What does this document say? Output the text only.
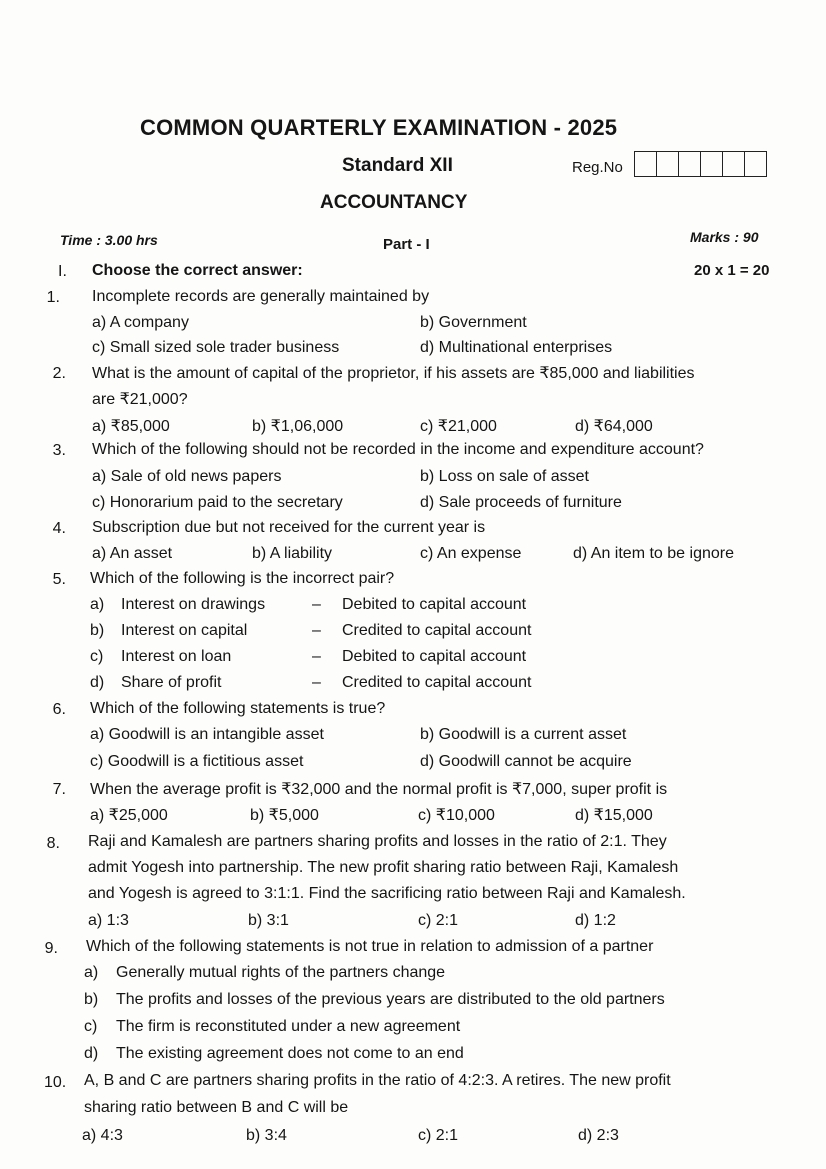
COMMON QUARTERLY EXAMINATION - 2025
Standard XII	Reg.No
ACCOUNTANCY
Time : 3.00 hrs	Part - I	Marks : 90
I. Choose the correct answer:	20 x 1 = 20
1. Incomplete records are generally maintained by
a) A company	b) Government
c) Small sized sole trader business	d) Multinational enterprises
2. What is the amount of capital of the proprietor, if his assets are ₹85,000 and liabilities
are ₹21,000?
a) ₹85,000	b) ₹1,06,000	c) ₹21,000	d) ₹64,000
3. Which of the following should not be recorded in the income and expenditure account?
a) Sale of old news papers	b) Loss on sale of asset
c) Honorarium paid to the secretary	d) Sale proceeds of furniture
4. Subscription due but not received for the current year is
a) An asset	b) A liability	c) An expense	d) An item to be ignore
5. Which of the following is the incorrect pair?
a) Interest on drawings	– Debited to capital account
b) Interest on capital	– Credited to capital account
c) Interest on loan	– Debited to capital account
d) Share of profit	– Credited to capital account
6. Which of the following statements is true?
a) Goodwill is an intangible asset	b) Goodwill is a current asset
c) Goodwill is a fictitious asset	d) Goodwill cannot be acquire
7. When the average profit is ₹32,000 and the normal profit is ₹7,000, super profit is
a) ₹25,000	b) ₹5,000	c) ₹10,000	d) ₹15,000
8. Raji and Kamalesh are partners sharing profits and losses in the ratio of 2:1. They
admit Yogesh into partnership. The new profit sharing ratio between Raji, Kamalesh
and Yogesh is agreed to 3:1:1. Find the sacrificing ratio between Raji and Kamalesh.
a) 1:3	b) 3:1	c) 2:1	d) 1:2
9. Which of the following statements is not true in relation to admission of a partner
a) Generally mutual rights of the partners change
b) The profits and losses of the previous years are distributed to the old partners
c) The firm is reconstituted under a new agreement
d) The existing agreement does not come to an end
10. A, B and C are partners sharing profits in the ratio of 4:2:3. A retires. The new profit
sharing ratio between B and C will be
a) 4:3	b) 3:4	c) 2:1	d) 2:3
